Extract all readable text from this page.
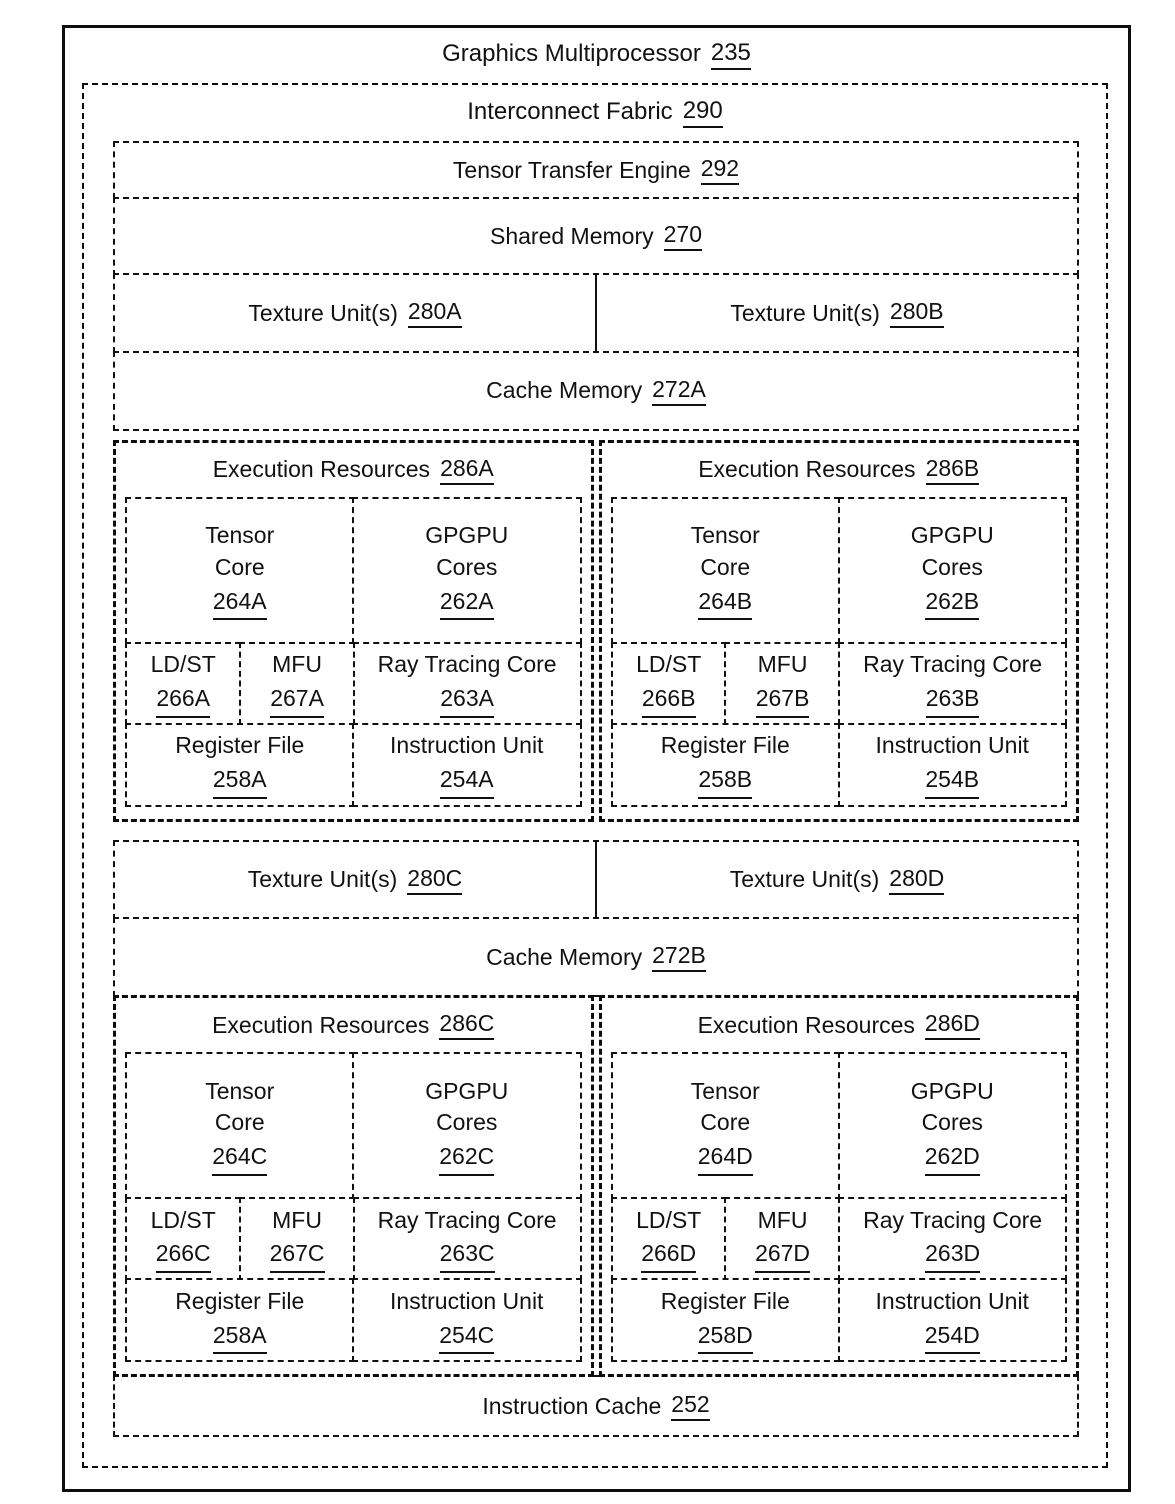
Graphics Multiprocessor 235
Interconnect Fabric 290
Tensor Transfer Engine 292
Shared Memory 270
Texture Unit(s) 280A	Texture Unit(s) 280B
Cache Memory 272A
Execution Resources 286A
Tensor
Core
264A
GPGPU
Cores
262A
LD/ST
266A
MFU
267A
Ray Tracing Core
263A
Register File
258A
Instruction Unit
254A
Execution Resources 286B
Tensor
Core
264B
GPGPU
Cores
262B
LD/ST
266B
MFU
267B
Ray Tracing Core
263B
Register File
258B
Instruction Unit
254B
Texture Unit(s) 280C	Texture Unit(s) 280D
Cache Memory 272B
Execution Resources 286C
Tensor
Core
264C
GPGPU
Cores
262C
LD/ST
266C
MFU
267C
Ray Tracing Core
263C
Register File
258A
Instruction Unit
254C
Execution Resources 286D
Tensor
Core
264D
GPGPU
Cores
262D
LD/ST
266D
MFU
267D
Ray Tracing Core
263D
Register File
258D
Instruction Unit
254D
Instruction Cache 252
